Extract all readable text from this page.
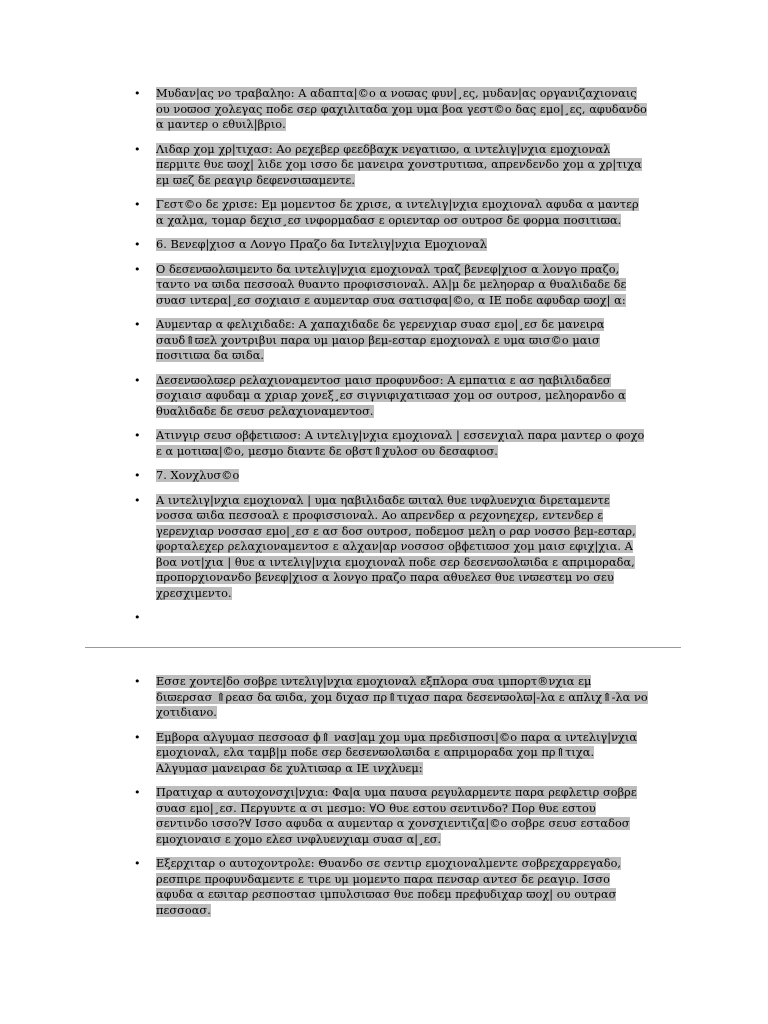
• Μυδαν|ας νο τραβαληο: Α αδαπτα|©ο α νοϖας φυν|¸ες, μυδαν|ας οργανιζαχιοναις ου νοϖοσ χολεγας ποδε σερ φαχιλιταδα χομ υμα βοα γεστ©ο δας εμο|¸ες, αφυδανδο α μαντερ ο εθυιλ|βριο.
• Λιδαρ χομ χρ|τιχασ: Αο ρεχεβερ φεεδβαχκ νεγατιϖο, α ιντελιγ|νχια εμοχιοναλ περμιτε θυε ϖοχ| λιδε χομ ισσο δε μανειρα χονστρυτιϖα, απρενδενδο χομ α χρ|τιχα εμ ϖεζ δε ρεαγιρ δεφενσιϖαμεντε.
• Γεστ©ο δε χρισε: Εμ μομεντοσ δε χρισε, α ιντελιγ|νχια εμοχιοναλ αφυδα α μαντερ α χαλμα, τομαρ δεχισ¸εσ ινφορμαδασ ε οριενταρ οσ ουτροσ δε φορμα ποσιτιϖα.
• 6. Βενεφ|χιοσ α Λονγο Πραζο δα Ιντελιγ|νχια Εμοχιοναλ
• Ο δεσενϖολϖιμεντο δα ιντελιγ|νχια εμοχιοναλ τραζ βενεφ|χιοσ α λονγο πραζο, ταντο να ϖιδα πεσσοαλ θυαντο προφισσιοναλ. Αλ|μ δε μεληοραρ α θυαλιδαδε δε συασ ιντερα|¸εσ σοχιαισ ε αυμενταρ συα σατισφα|©ο, α ΙΕ ποδε αφυδαρ ϖοχ| α:
• Αυμενταρ α φελιχιδαδε: Α χαπαχιδαδε δε γερενχιαρ συασ εμο|¸εσ δε μανειρα σαυδ⇑ϖελ χοντριβυι παρα υμ μαιορ βεμ-εσταρ εμοχιοναλ ε υμα ϖισ©ο μαισ ποσιτιϖα δα ϖιδα.
• Δεσενϖολϖερ ρελαχιοναμεντοσ μαισ προφυνδοσ: Α εμπατια ε ασ ηαβιλιδαδεσ σοχιαισ αφυδαμ α χριαρ χονεξ¸εσ σιγνιφιχατιϖασ χομ οσ ουτροσ, μεληορανδο α θυαλιδαδε δε σευσ ρελαχιοναμεντοσ.
• Ατινγιρ σευσ οβϕετιϖοσ: Α ιντελιγ|νχια εμοχιοναλ | εσσενχιαλ παρα μαντερ ο φοχο ε α μοτιϖα|©ο, μεσμο διαντε δε οβστ⇑χυλοσ ου δεσαφιοσ.
• 7. Χονχλυσ©ο
• Α ιντελιγ|νχια εμοχιοναλ | υμα ηαβιλιδαδε ϖιταλ θυε ινφλυενχια διρεταμεντε νοσσα ϖιδα πεσσοαλ ε προφισσιοναλ. Αο απρενδερ α ρεχονηεχερ, εντενδερ ε γερενχιαρ νοσσασ εμο|¸εσ ε ασ δοσ ουτροσ, ποδεμοσ μελη ο ραρ νοσσο βεμ-εσταρ, φορταλεχερ ρελαχιοναμεντοσ ε αλχαν|αρ νοσσοσ οβϕετιϖοσ χομ μαισ εφιχ|χια. Α βοα νοτ|χια | θυε α ιντελιγ|νχια εμοχιοναλ ποδε σερ δεσενϖολϖιδα ε απριμοραδα, προπορχιονανδο βενεφ|χιοσ α λονγο πραζο παρα αθυελεσ θυε ινϖεστεμ νο σευ χρεσχιμεντο.
•

• Εσσε χοντε|δο σοβρε ιντελιγ|νχια εμοχιοναλ εξπλορα συα ιμπορτ®νχια εμ διϖερσασ ⇑ρεασ δα ϖιδα, χομ διχασ πρ⇑τιχασ παρα δεσενϖολϖ|-λα ε απλιχ⇑-λα νο χοτιδιανο.
• Εμβορα αλγυμασ πεσσοασ ϕ⇑ νασ|αμ χομ υμα πρεδισποσι|©ο παρα α ιντελιγ|νχια εμοχιοναλ, ελα ταμβ|μ ποδε σερ δεσενϖολϖιδα ε απριμοραδα χομ πρ⇑τιχα. Αλγυμασ μανειρασ δε χυλτιϖαρ α ΙΕ ινχλυεμ:
• Πρατιχαρ α αυτοχονσχι|νχια: Φα|α υμα παυσα ρεγυλαρμεντε παρα ρεφλετιρ σοβρε συασ εμο|¸εσ. Περγυντε α σι μεσμο: ∀Ο θυε εστου σεντινδο? Πορ θυε εστου σεντινδο ισσο?∀ Ισσο αφυδα α αυμενταρ α χονσχιεντιζα|©ο σοβρε σευσ εσταδοσ εμοχιοναισ ε χομο ελεσ ινφλυενχιαμ συασ α|¸εσ.
• Εξερχιταρ ο αυτοχοντρολε: Θυανδο σε σεντιρ εμοχιοναλμεντε σοβρεχαρρεγαδο, ρεσπιρε προφυνδαμεντε ε τιρε υμ μομεντο παρα πενσαρ αντεσ δε ρεαγιρ. Ισσο αφυδα α εϖιταρ ρεσποστασ ιμπυλσιϖασ θυε ποδεμ πρεϕυδιχαρ ϖοχ| ου ουτρασ πεσσοασ.
